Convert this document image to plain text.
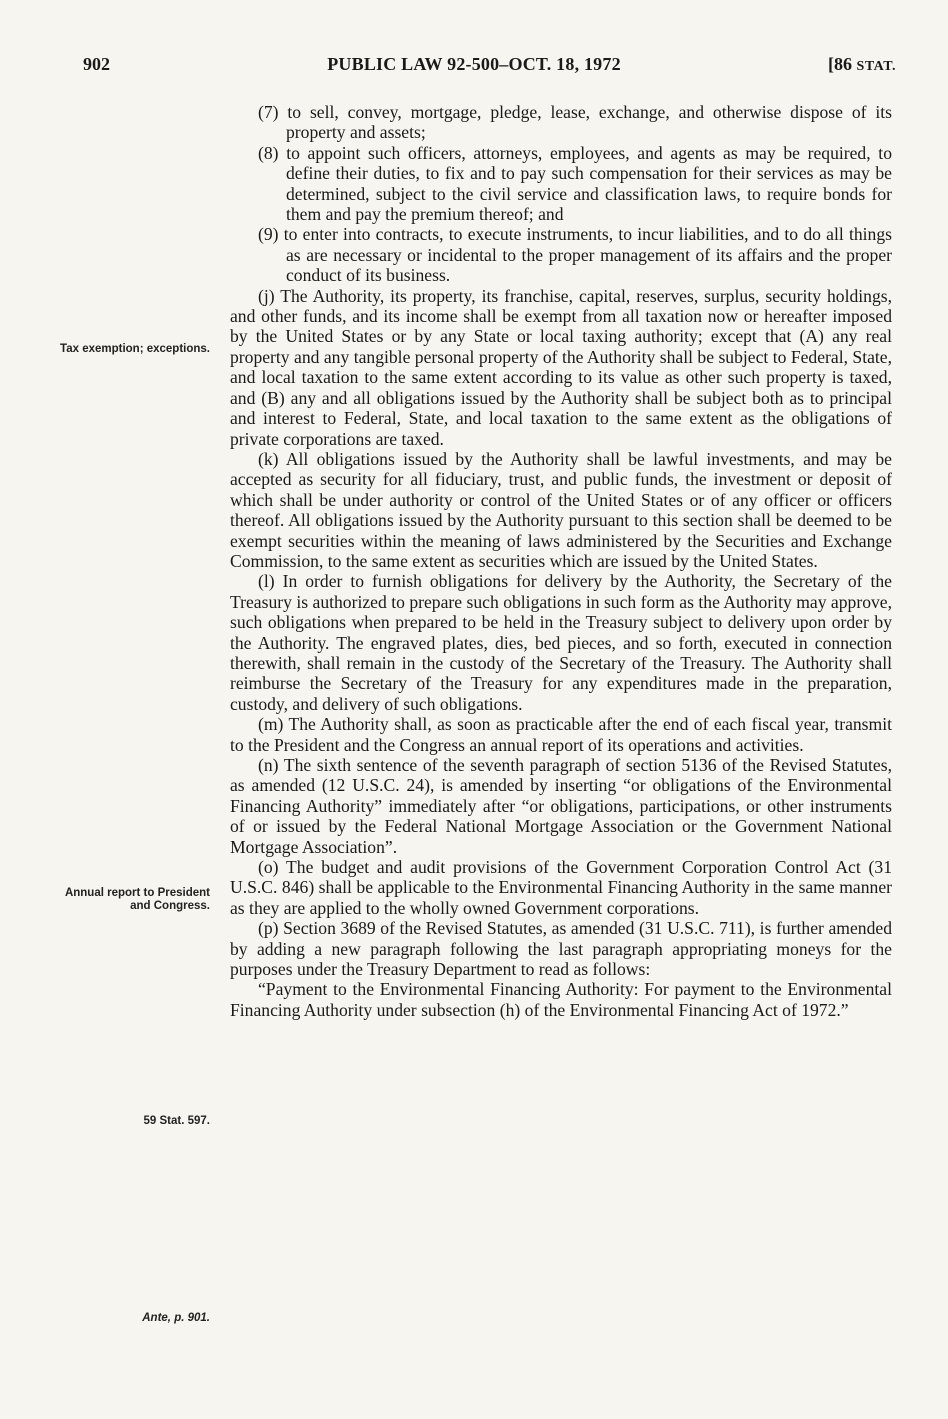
902	PUBLIC LAW 92-500–OCT. 18, 1972	[86 STAT.
Tax exemption; exceptions.
Annual report to President and Congress.
59 Stat. 597.
Ante, p. 901.

(7) to sell, convey, mortgage, pledge, lease, exchange, and otherwise dispose of its property and assets;

(8) to appoint such officers, attorneys, employees, and agents as may be required, to define their duties, to fix and to pay such compensation for their services as may be determined, subject to the civil service and classification laws, to require bonds for them and pay the premium thereof; and

(9) to enter into contracts, to execute instruments, to incur liabilities, and to do all things as are necessary or incidental to the proper management of its affairs and the proper conduct of its business.

(j) The Authority, its property, its franchise, capital, reserves, surplus, security holdings, and other funds, and its income shall be exempt from all taxation now or hereafter imposed by the United States or by any State or local taxing authority; except that (A) any real property and any tangible personal property of the Authority shall be subject to Federal, State, and local taxation to the same extent according to its value as other such property is taxed, and (B) any and all obligations issued by the Authority shall be subject both as to principal and interest to Federal, State, and local taxation to the same extent as the obligations of private corporations are taxed.

(k) All obligations issued by the Authority shall be lawful investments, and may be accepted as security for all fiduciary, trust, and public funds, the investment or deposit of which shall be under authority or control of the United States or of any officer or officers thereof. All obligations issued by the Authority pursuant to this section shall be deemed to be exempt securities within the meaning of laws administered by the Securities and Exchange Commission, to the same extent as securities which are issued by the United States.

(l) In order to furnish obligations for delivery by the Authority, the Secretary of the Treasury is authorized to prepare such obligations in such form as the Authority may approve, such obligations when prepared to be held in the Treasury subject to delivery upon order by the Authority. The engraved plates, dies, bed pieces, and so forth, executed in connection therewith, shall remain in the custody of the Secretary of the Treasury. The Authority shall reimburse the Secretary of the Treasury for any expenditures made in the preparation, custody, and delivery of such obligations.

(m) The Authority shall, as soon as practicable after the end of each fiscal year, transmit to the President and the Congress an annual report of its operations and activities.

(n) The sixth sentence of the seventh paragraph of section 5136 of the Revised Statutes, as amended (12 U.S.C. 24), is amended by inserting “or obligations of the Environmental Financing Authority” immediately after “or obligations, participations, or other instruments of or issued by the Federal National Mortgage Association or the Government National Mortgage Association”.

(o) The budget and audit provisions of the Government Corporation Control Act (31 U.S.C. 846) shall be applicable to the Environmental Financing Authority in the same manner as they are applied to the wholly owned Government corporations.

(p) Section 3689 of the Revised Statutes, as amended (31 U.S.C. 711), is further amended by adding a new paragraph following the last paragraph appropriating moneys for the purposes under the Treasury Department to read as follows:

“Payment to the Environmental Financing Authority: For payment to the Environmental Financing Authority under subsection (h) of the Environmental Financing Act of 1972.”
